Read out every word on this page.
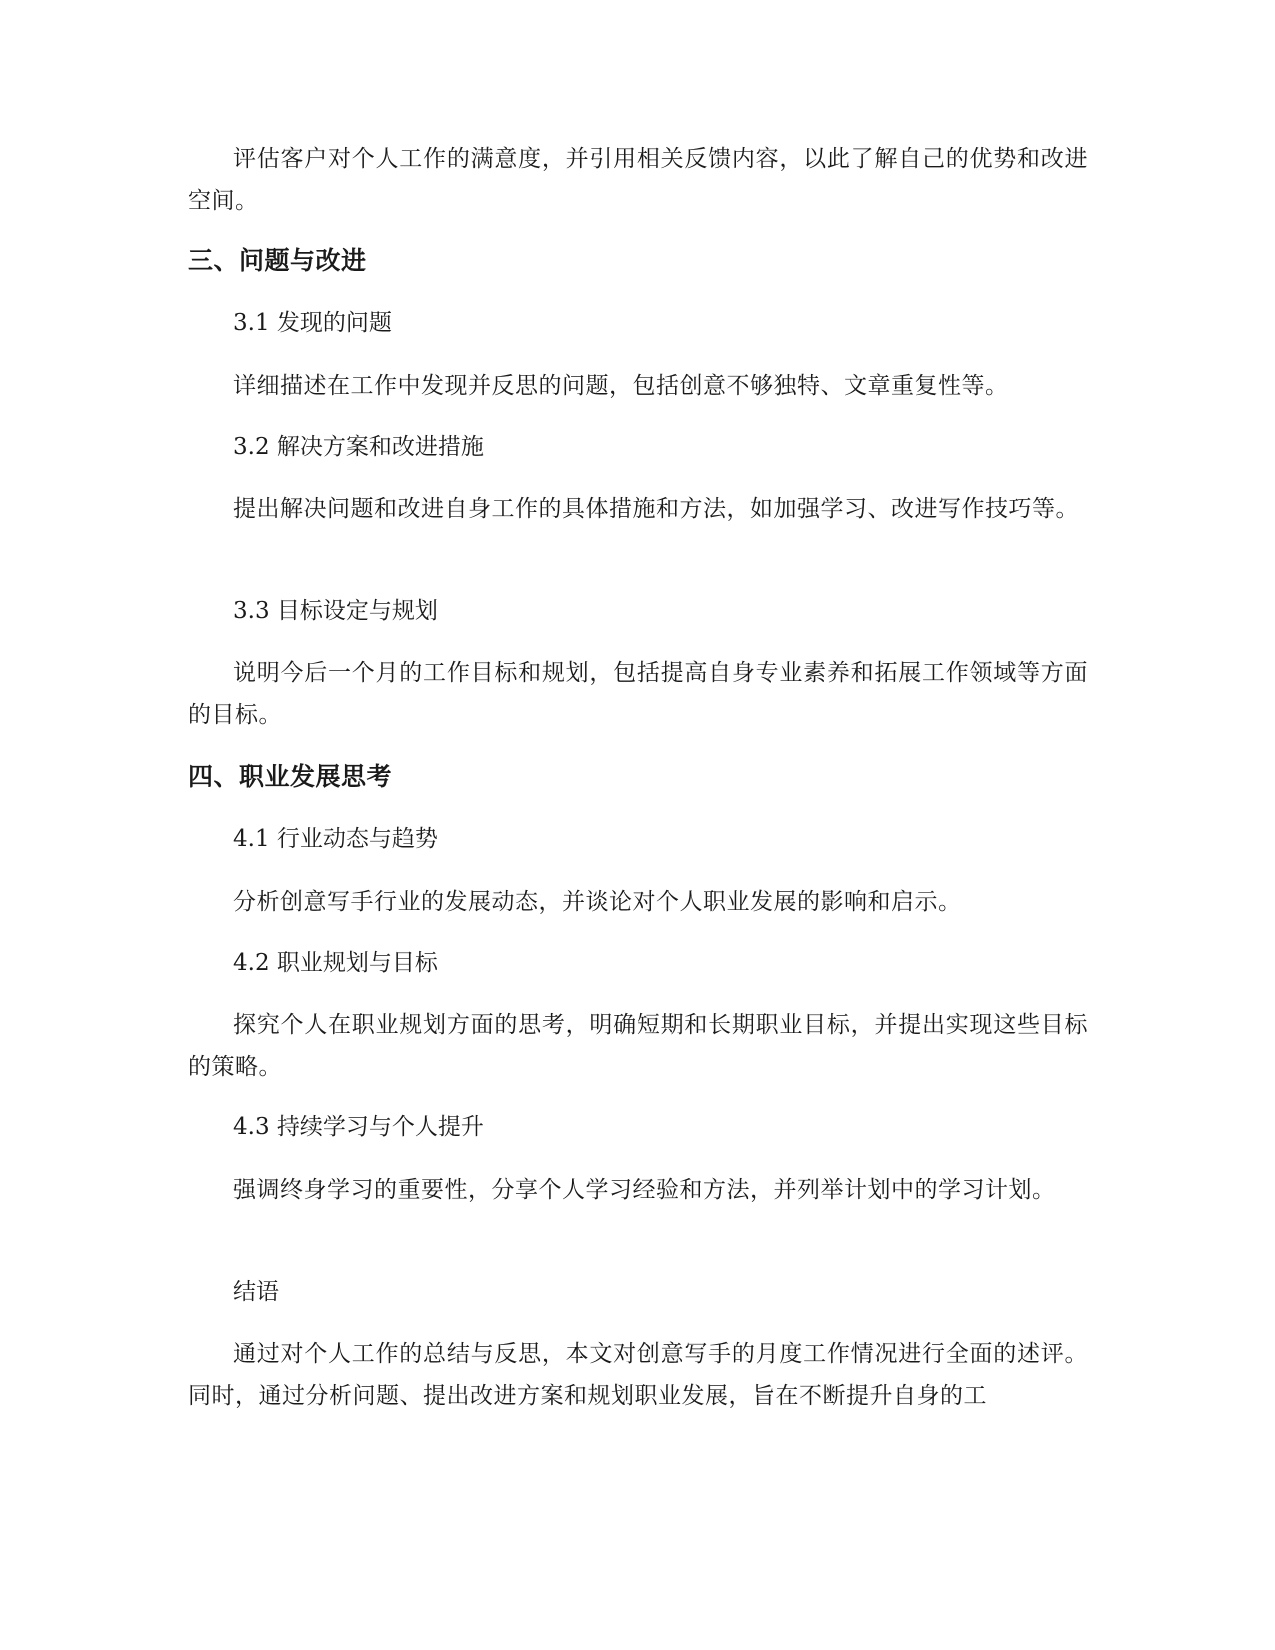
评估客户对个人工作的满意度，并引用相关反馈内容，以此了解自己的优势和改进空间。

三、问题与改进

3.1 发现的问题

详细描述在工作中发现并反思的问题，包括创意不够独特、文章重复性等。

3.2 解决方案和改进措施

提出解决问题和改进自身工作的具体措施和方法，如加强学习、改进写作技巧等。

3.3 目标设定与规划

说明今后一个月的工作目标和规划，包括提高自身专业素养和拓展工作领域等方面的目标。

四、职业发展思考

4.1 行业动态与趋势

分析创意写手行业的发展动态，并谈论对个人职业发展的影响和启示。

4.2 职业规划与目标

探究个人在职业规划方面的思考，明确短期和长期职业目标，并提出实现这些目标的策略。

4.3 持续学习与个人提升

强调终身学习的重要性，分享个人学习经验和方法，并列举计划中的学习计划。

结语

通过对个人工作的总结与反思，本文对创意写手的月度工作情况进行全面的述评。同时，通过分析问题、提出改进方案和规划职业发展，旨在不断提升自身的工
